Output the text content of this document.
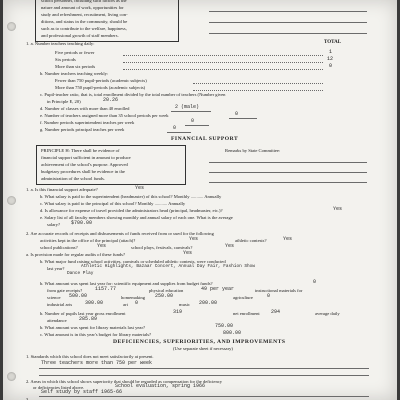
school personnel, including such factors as the
nature and amount of work, opportunities for
study and refreshment, recruitment, living con-
ditions, and status in the community, should be
such as to contribute to the welfare, happiness,
and professional growth of staff members.
1. a. Number teachers teaching daily:	TOTAL
Five periods or fewer	1
Six periods	12
More than six periods	0
b. Number teachers teaching weekly:
Fewer than 750 pupil-periods (academic subjects)
More than 750 pupil-periods (academic subjects)
c. Pupil-teacher ratio, that is, total enrollment divided by the total number of teachers (Number given
in Principle E, 20)	20.26
d. Number of classes with more than 40 enrolled	2 (male)
e. Number of teachers assigned more than 35 school periods per week	0
f. Number periods superintendent teaches per week	0
g. Number periods principal teaches per week	0
FINANCIAL SUPPORT
PRINCIPLE H: There shall be evidence of
financial support sufficient in amount to produce
achievement of the school's purpose. Approved
budgetary procedures shall be evidence in the
administration of the school funds.
Remarks by State Committee:
1. a. Is this financial support adequate?	Yes
b. What salary is paid to the superintendent (headmaster) of this school? Monthly ........... Annually
c. What salary is paid to the principal of this school? Monthly ........... Annually
d. Is allowance for expense of travel provided the administrators head (principal, headmaster, etc.)?	Yes
e. Salary list of all faculty members showing monthly and annual salary of each one. What is the average
salary? $700.00
2. Are accurate records of receipts and disbursements of funds received from or used for the following
activities kept in the office of the principal (attach)?	Yes	athletic contests?	Yes
school publications?	Yes	school plays, festivals, carnivals?	Yes
a. Is provision made for regular audits of these funds?	Yes
b. What major fund raising school activities, carnivals or scheduled athletic contests, were conducted
last year?	Athletic Highlights, Bazaar Concert, Annual Day Fair, Fashion Show
Dance Play
b. What amount was spent last year for: scientific equipment and supplies from budget funds?	0
from gate receipts?	1157.77	physical education	49 per year	instructional materials for
science 500.00	homemaking 250.00	agriculture	0
industrial arts	300.00	art 0	music 200.00
b. Number of pupils last year gross enrollment	319	net enrollment 294	average daily
attendance 285.89
b. What amount was spent for library materials last year?	750.00
c. What amount is in this year's budget for library materials?	800.00
DEFICIENCIES, SUPERIORITIES, AND IMPROVEMENTS
(Use separate sheet if necessary)
1. Standards which this school does not meet satisfactorily at present.
Three teachers more than 750 per week
2. Areas in which this school shows superiority that should be regarded as compensation for the deficiency
or deficiencies listed above.	School evaluation, spring 1966
Self study by staff 1965-66
3.
